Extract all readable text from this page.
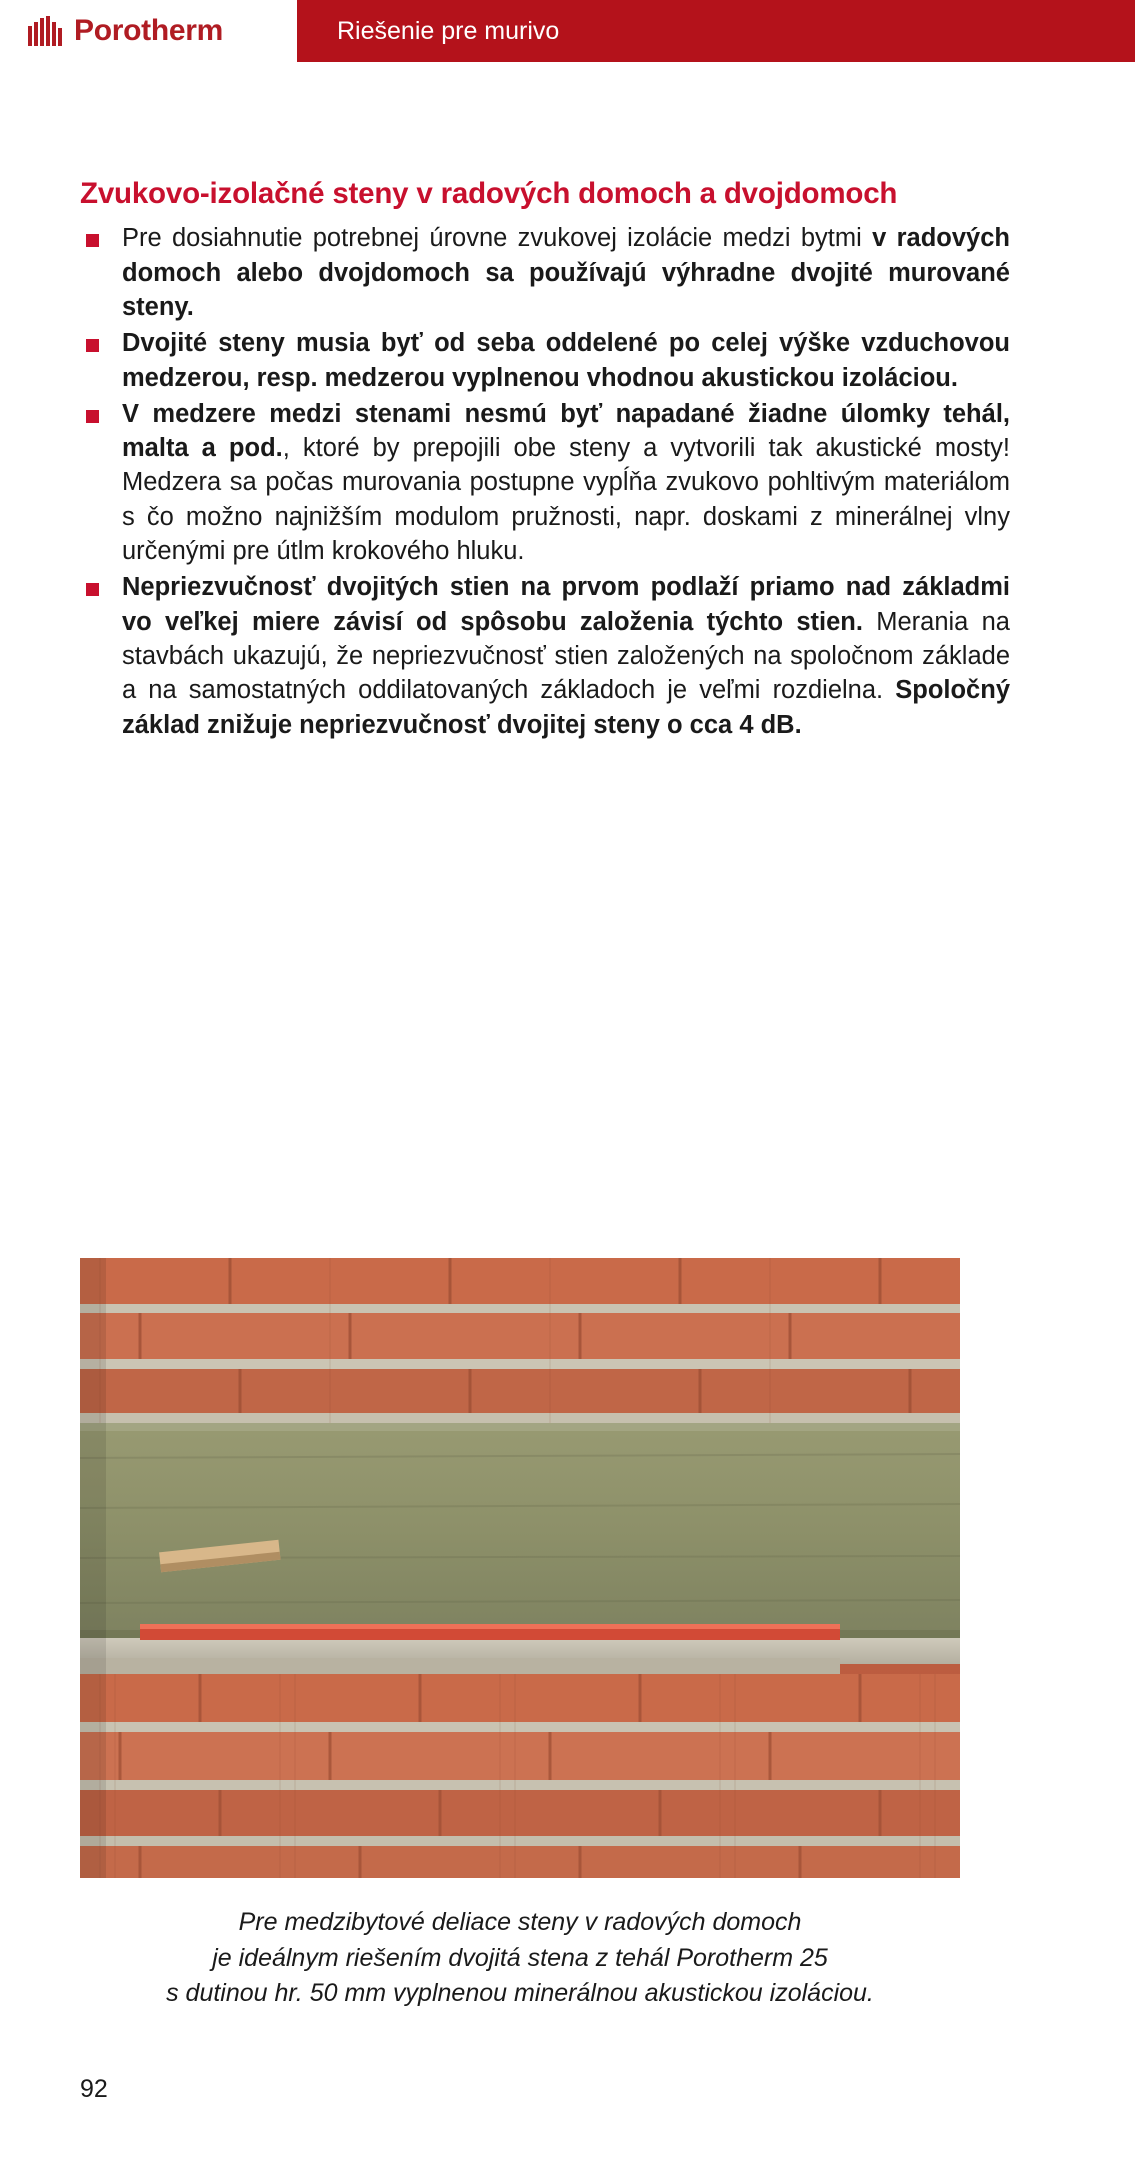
Porotherm	Riešenie pre murivo
Zvukovo-izolačné steny v radových domoch a dvojdomoch
Pre dosiahnutie potrebnej úrovne zvukovej izolácie medzi bytmi v radových domoch alebo dvojdomoch sa používajú výhradne dvojité murované steny.
Dvojité steny musia byť od seba oddelené po celej výške vzduchovou medzerou, resp. medzerou vyplnenou vhodnou akustickou izoláciou.
V medzere medzi stenami nesmú byť napadané žiadne úlomky tehál, malta a pod., ktoré by prepojili obe steny a vytvorili tak akustické mosty! Medzera sa počas murovania postupne vypĺňa zvukovo pohltivým materiálom s čo možno najnižším modulom pružnosti, napr. doskami z minerálnej vlny určenými pre útlm krokového hluku.
Nepriezvučnosť dvojitých stien na prvom podlaží priamo nad základmi vo veľkej miere závisí od spôsobu založenia týchto stien. Merania na stavbách ukazujú, že nepriezvučnosť stien založených na spoločnom základe a na samostatných oddilatovaných základoch je veľmi rozdielna. Spoločný základ znižuje nepriezvučnosť dvojitej steny o cca 4 dB.
Pre medzibytové deliace steny v radových domoch
je ideálnym riešením dvojitá stena z tehál Porotherm 25
s dutinou hr. 50 mm vyplnenou minerálnou akustickou izoláciou.
92
